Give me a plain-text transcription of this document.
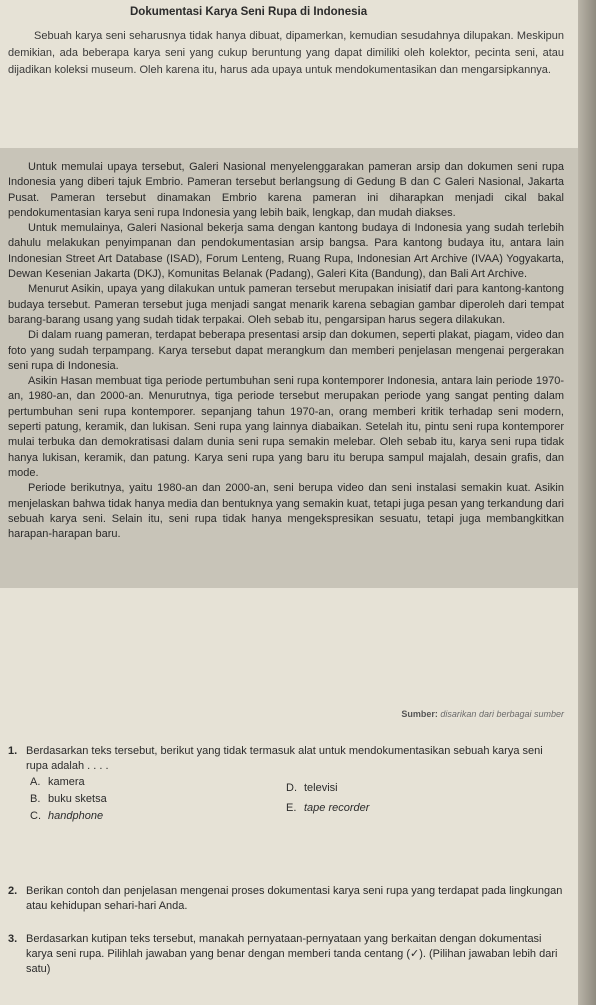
Dokumentasi Karya Seni Rupa di Indonesia

Sebuah karya seni seharusnya tidak hanya dibuat, dipamerkan, kemudian sesudahnya dilupakan. Meskipun demikian, ada beberapa karya seni yang cukup beruntung yang dapat dimiliki oleh kolektor, pecinta seni, atau dijadikan koleksi museum. Oleh karena itu, harus ada upaya untuk mendokumentasikan dan mengarsipkannya.

Untuk memulai upaya tersebut, Galeri Nasional menyelenggarakan pameran arsip dan dokumen seni rupa Indonesia yang diberi tajuk Embrio. Pameran tersebut berlangsung di Gedung B dan C Galeri Nasional, Jakarta Pusat. Pameran tersebut dinamakan Embrio karena pameran ini diharapkan menjadi cikal bakal pendokumentasian karya seni rupa Indonesia yang lebih baik, lengkap, dan mudah diakses.

Untuk memulainya, Galeri Nasional bekerja sama dengan kantong budaya di Indonesia yang sudah terlebih dahulu melakukan penyimpanan dan pendokumentasian arsip bangsa. Para kantong budaya itu, antara lain Indonesian Street Art Database (ISAD), Forum Lenteng, Ruang Rupa, Indonesian Art Archive (IVAA) Yogyakarta, Dewan Kesenian Jakarta (DKJ), Komunitas Belanak (Padang), Galeri Kita (Bandung), dan Bali Art Archive.

Menurut Asikin, upaya yang dilakukan untuk pameran tersebut merupakan inisiatif dari para kantong-kantong budaya tersebut. Pameran tersebut juga menjadi sangat menarik karena sebagian gambar diperoleh dari tempat barang-barang usang yang sudah tidak terpakai. Oleh sebab itu, pengarsipan harus segera dilakukan.

Di dalam ruang pameran, terdapat beberapa presentasi arsip dan dokumen, seperti plakat, piagam, video dan foto yang sudah terpampang. Karya tersebut dapat merangkum dan memberi penjelasan mengenai pergerakan seni rupa di Indonesia.

Asikin Hasan membuat tiga periode pertumbuhan seni rupa kontemporer Indonesia, antara lain periode 1970-an, 1980-an, dan 2000-an. Menurutnya, tiga periode tersebut merupakan periode yang sangat penting dalam pertumbuhan seni rupa kontemporer. sepanjang tahun 1970-an, orang memberi kritik terhadap seni modern, seperti patung, keramik, dan lukisan. Seni rupa yang lainnya diabaikan. Setelah itu, pintu seni rupa kontemporer mulai terbuka dan demokratisasi dalam dunia seni rupa semakin melebar. Oleh sebab itu, karya seni rupa tidak hanya lukisan, keramik, dan patung. Karya seni rupa yang baru itu berupa sampul majalah, desain grafis, dan mode.

Periode berikutnya, yaitu 1980-an dan 2000-an, seni berupa video dan seni instalasi semakin kuat. Asikin menjelaskan bahwa tidak hanya media dan bentuknya yang semakin kuat, tetapi juga pesan yang terkandung dari sebuah karya seni. Selain itu, seni rupa tidak hanya mengekspresikan sesuatu, tetapi juga membangkitkan harapan-harapan baru.

Sumber: disarikan dari berbagai sumber
1. Berdasarkan teks tersebut, berikut yang tidak termasuk alat untuk mendokumentasikan sebuah karya seni rupa adalah . . . .
A. kamera
B. buku sketsa
C. handphone
D. televisi
E. tape recorder
2. Berikan contoh dan penjelasan mengenai proses dokumentasi karya seni rupa yang terdapat pada lingkungan atau kehidupan sehari-hari Anda.
3. Berdasarkan kutipan teks tersebut, manakah pernyataan-pernyataan yang berkaitan dengan dokumentasi karya seni rupa. Pilihlah jawaban yang benar dengan memberi tanda centang (✓). (Pilihan jawaban lebih dari satu)
